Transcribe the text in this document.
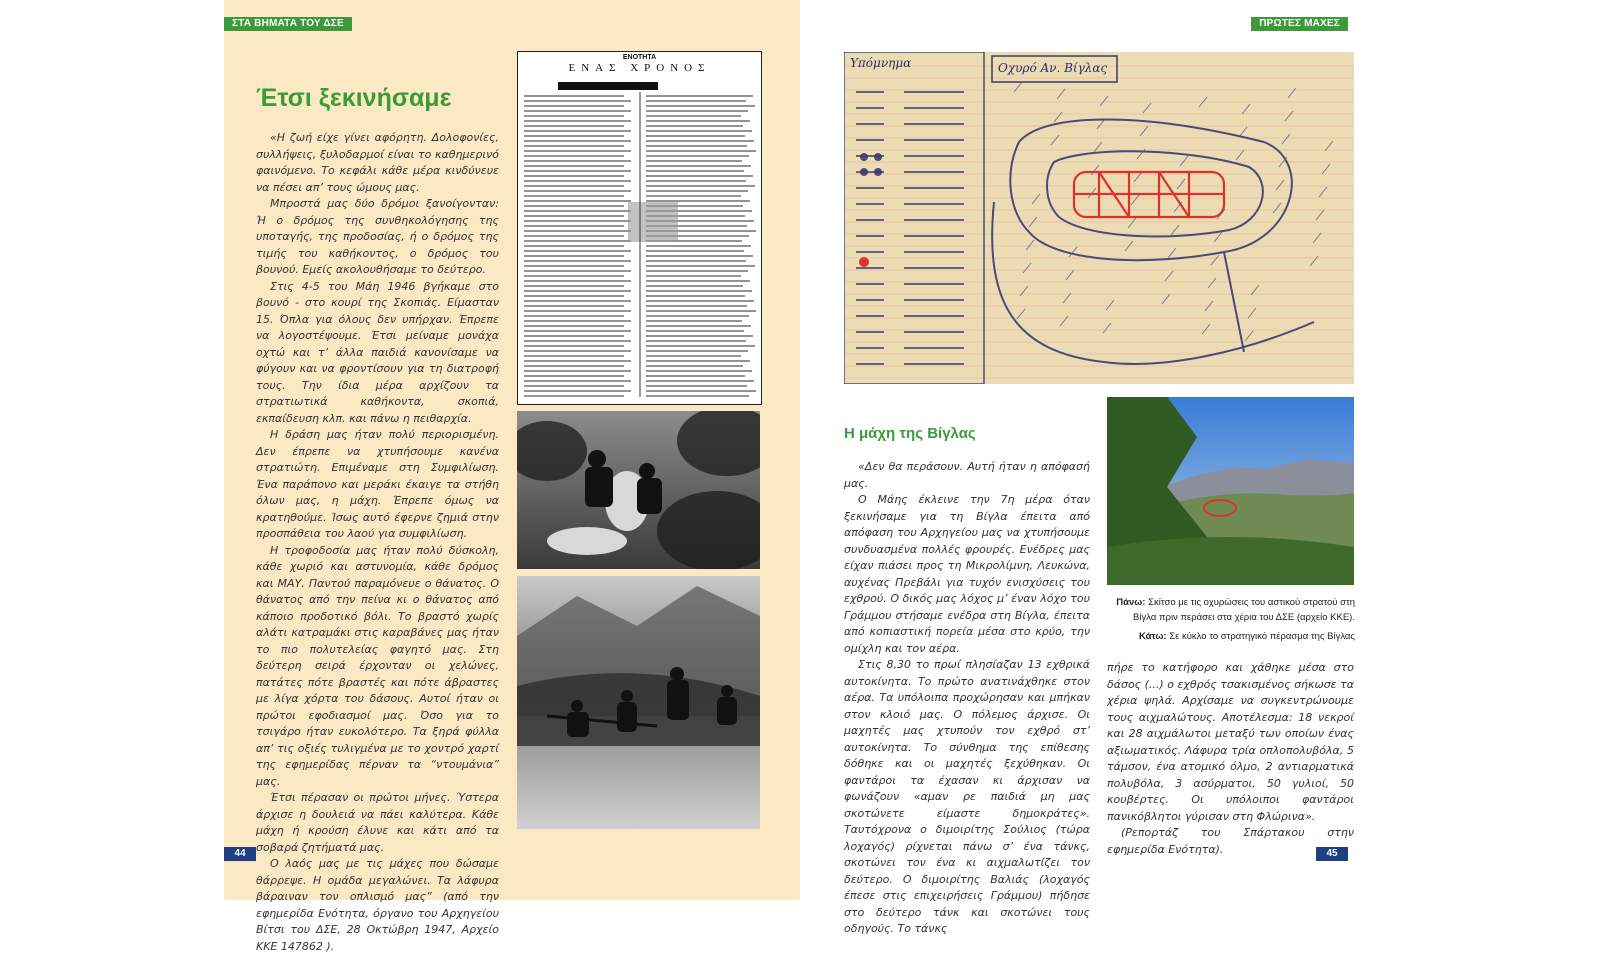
ΣΤΑ ΒΗΜΑΤΑ ΤΟΥ ΔΣΕ
Έτσι ξεκινήσαμε

«Η ζωή είχε γίνει αφόρητη. Δολοφονίες, συλλήψεις, ξυλοδαρμοί είναι το καθημερινό φαινόμενο. Το κεφάλι κάθε μέρα κινδύνευε να πέσει απ’ τους ώμους μας.

Μπροστά μας δύο δρόμοι ξανοίγονταν: Ή ο δρόμος της συνθηκολόγησης της υποταγής, της προδοσίας, ή ο δρόμος της τιμής του καθήκοντος, ο δρόμος του βουνού. Εμείς ακολουθήσαμε το δεύτερο.

Στις 4-5 του Μάη 1946 βγήκαμε στο βουνό - στο κουρί της Σκοπιάς. Είμασταν 15. Όπλα για όλους δεν υπήρχαν. Έπρεπε να λογοστέψουμε. Έτσι μείναμε μονάχα οχτώ και τ’ άλλα παιδιά κανονίσαμε να φύγουν και να φροντίσουν για τη διατροφή τους. Την ίδια μέρα αρχίζουν τα στρατιωτικά καθήκοντα, σκοπιά, εκπαίδευση κλπ. και πάνω η πειθαρχία.

Η δράση μας ήταν πολύ περιορισμένη. Δεν έπρεπε να χτυπήσουμε κανένα στρατιώτη. Επιμέναμε στη Συμφιλίωση. Ένα παράπονο και μεράκι έκαιγε τα στήθη όλων μας, η μάχη. Έπρεπε όμως να κρατηθούμε. Ίσως αυτό έφερνε ζημιά στην προσπάθεια του λαού για συμφιλίωση.

Η τροφοδοσία μας ήταν πολύ δύσκολη, κάθε χωριό και αστυνομία, κάθε δρόμος και ΜΑΥ. Παντού παραμόνευε ο θάνατος. Ο θάνατος από την πείνα κι ο θάνατος από κάποιο προδοτικό βόλι. Το βραστό χωρίς αλάτι κατραμάκι στις καραβάνες μας ήταν το πιο πολυτελείας φαγητό μας. Στη δεύτερη σειρά έρχονταν οι χελώνες, πατάτες πότε βραστές και πότε άβραστες με λίγα χόρτα του δάσους. Αυτοί ήταν οι πρώτοι εφοδιασμοί μας. Όσο για το τσιγάρο ήταν ευκολότερο. Τα ξηρά φύλλα απ’ τις οξιές τυλιγμένα με το χοντρό χαρτί της εφημερίδας πέρναν τα “ντουμάνια” μας.

Έτσι πέρασαν οι πρώτοι μήνες. Ύστερα άρχισε η δουλειά να πάει καλύτερα. Κάθε μάχη ή κρούση έλυνε και κάτι από τα σοβαρά ζητήματά μας.

Ο λαός μας με τις μάχες που δώσαμε θάρρεψε. Η ομάδα μεγαλώνει. Τα λάφυρα βάραιναν τον οπλισμό μας” (από την εφημερίδα Ενότητα, όργανο του Αρχηγείου Βίτσι του ΔΣΕ, 28 Οκτώβρη 1947, Αρχείο ΚΚΕ 147862 ).

ΕΝΟΤΗΤΑ
ΕΝΑΣ ΧΡΟΝΟΣ
44
ΠΡΩΤΕΣ ΜΑΧΕΣ
Υπόμνημα	Οχυρό Αν. Βίγλας
Η μάχη της Βίγλας
Πάνω: Σκίτσο με τις οχυρώσεις του αστικού στρατού στη Βίγλα πριν περάσει στα χέρια του ΔΣΕ (αρχείο ΚΚΕ).
Κάτω: Σε κύκλο το στρατηγικό πέρασμα της Βίγλας

«Δεν θα περάσουν. Αυτή ήταν η απόφασή μας.

Ο Μάης έκλεινε την 7η μέρα όταν ξεκινήσαμε για τη Βίγλα έπειτα από απόφαση του Αρχηγείου μας να χτυπήσουμε συνδυασμένα πολλές φρουρές. Ενέδρες μας είχαν πιάσει προς τη Μικρολίμνη, Λευκώνα, αυχένας Πρεβάλι για τυχόν ενισχύσεις του εχθρού. Ο δικός μας λόχος μ’ έναν λόχο του Γράμμου στήσαμε ενέδρα στη Βίγλα, έπειτα από κοπιαστική πορεία μέσα στο κρύο, την ομίχλη και τον αέρα.

Στις 8,30 το πρωί πλησίαζαν 13 εχθρικά αυτοκίνητα. Το πρώτο ανατινάχθηκε στον αέρα. Τα υπόλοιπα προχώρησαν και μπήκαν στον κλοιό μας. Ο πόλεμος άρχισε. Οι μαχητές μας χτυπούν τον εχθρό στ’ αυτοκίνητα. Το σύνθημα της επίθεσης δόθηκε και οι μαχητές ξεχύθηκαν. Οι φαντάροι τα έχασαν κι άρχισαν να φωνάζουν «αμαν ρε παιδιά μη μας σκοτώνετε είμαστε δημοκράτες». Ταυτόχρονα ο διμοιρίτης Σούλιος (τώρα λοχαγός) ρίχνεται πάνω σ’ ένα τάνκς, σκοτώνει τον ένα κι αιχμαλωτίζει τον δεύτερο. Ο διμοιρίτης Βαλιάς (λοχαγός έπεσε στις επιχειρήσεις Γράμμου) πήδησε στο δεύτερο τάνκ και σκοτώνει τους οδηγούς. Το τάνκς

πήρε το κατήφορο και χάθηκε μέσα στο δάσος (...) ο εχθρός τσακισμένος σήκωσε τα χέρια ψηλά. Αρχίσαμε να συγκεντρώνουμε τους αιχμαλώτους. Αποτέλεσμα: 18 νεκροί και 28 αιχμάλωτοι μεταξύ των οποίων ένας αξιωματικός. Λάφυρα τρία οπλοπολυβόλα, 5 τάμσον, ένα ατομικό όλμο, 2 αντιαρματικά πολυβόλα, 3 ασύρματοι, 50 γυλιοί, 50 κουβέρτες. Οι υπόλοιποι φαντάροι πανικόβλητοι γύρισαν στη Φλώρινα».

(Ρεπορτάζ του Σπάρτακου στην εφημερίδα Ενότητα).	45
